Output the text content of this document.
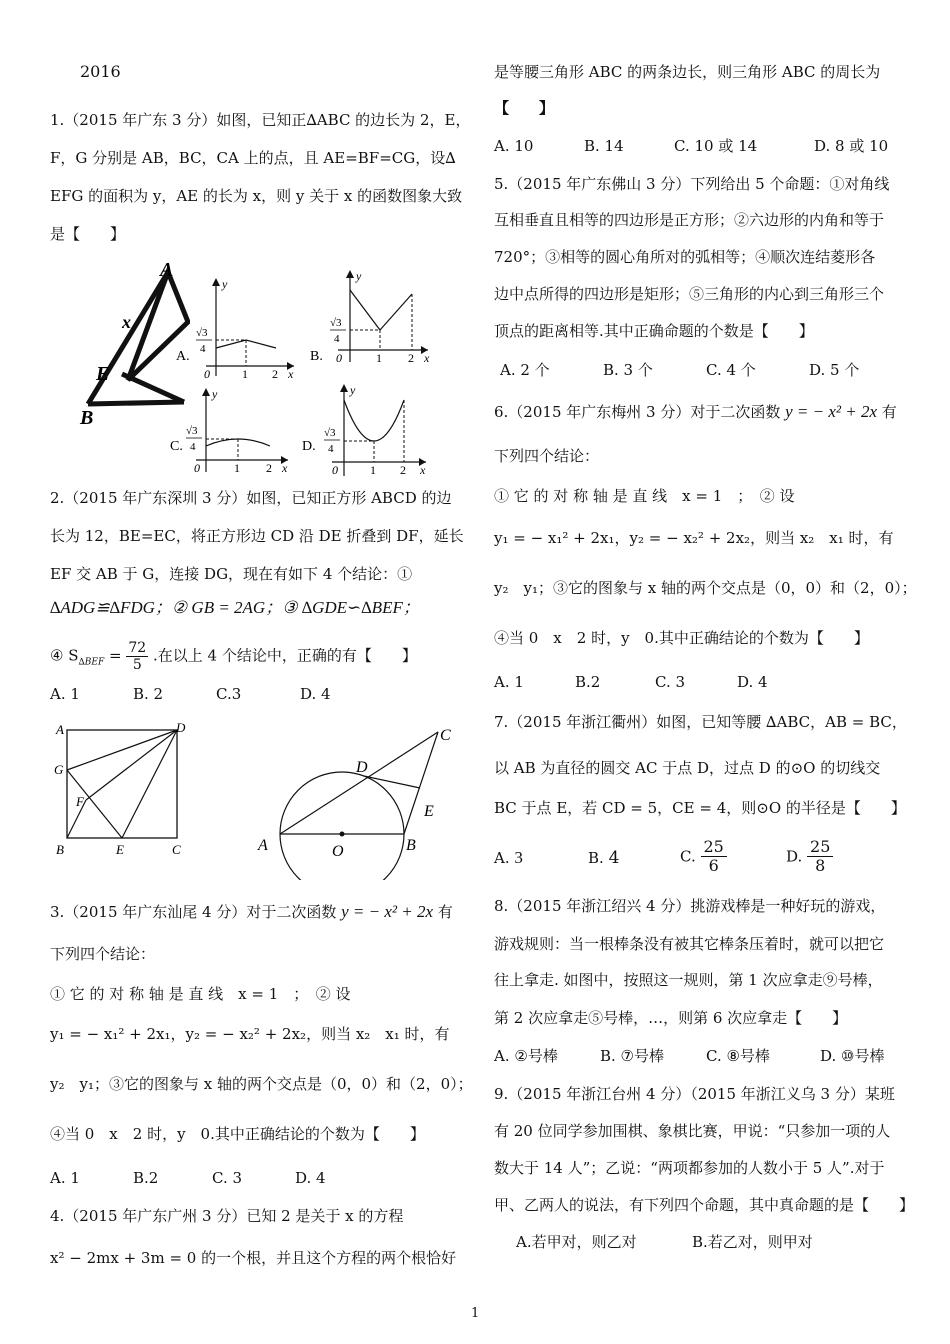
2016
1.（2015 年广东 3 分）如图，已知正∆ABC 的边长为 2，E，
F，G 分别是 AB，BC，CA 上的点，且 AE=BF=CG，设∆
EFG 的面积为 y，AE 的长为 x，则 y 关于 x 的函数图象大致
是【　　】
A
x
E
B
A.
y
√3
4
0	1 2 x
B.
y
√3
4
0	1 2 x
C.
y
√3
4
0	1 2 x
D.
y
√3
4
0	1 2 x
2.（2015 年广东深圳 3 分）如图，已知正方形 ABCD 的边
长为 12，BE=EC，将正方形边 CD 沿 DE 折叠到 DF，延长
EF 交 AB 于 G，连接 DG，现在有如下 4 个结论：①
∆ADG≌∆FDG；② GB = 2AG；③ ∆GDE∽∆BEF；
④ $S_{\Delta BEF} = \frac{72}{5}$ .在以上 4 个结论中，正确的有【　　】
A. 1	B. 2	C.3	D. 4
A	D
G
F
B	E	C
C
D
E
A	O	B
3.（2015 年广东汕尾 4 分）对于二次函数 y = − x² + 2x 有
下列四个结论：
① 它 的 对 称 轴 是 直 线　x = 1　；　② 设
y₁ = − x₁² + 2x₁，y₂ = − x₂² + 2x₂，则当 x₂　x₁ 时，有
y₂　y₁；③它的图象与 x 轴的两个交点是（0，0）和（2，0）；
④当 0　x　2 时，y　0.其中正确结论的个数为【　　】
A. 1	B.2	C. 3	D. 4
4.（2015 年广东广州 3 分）已知 2 是关于 x 的方程
x² − 2mx + 3m = 0 的一个根，并且这个方程的两个根恰好
是等腰三角形 ABC 的两条边长，则三角形 ABC 的周长为
【　　】
A. 10	B. 14	C. 10 或 14	D. 8 或 10
5.（2015 年广东佛山 3 分）下列给出 5 个命题：①对角线
互相垂直且相等的四边形是正方形；②六边形的内角和等于
720°；③相等的圆心角所对的弧相等；④顺次连结菱形各
边中点所得的四边形是矩形；⑤三角形的内心到三角形三个
顶点的距离相等.其中正确命题的个数是【　　】
A. 2 个	B. 3 个	C. 4 个	D. 5 个
6.（2015 年广东梅州 3 分）对于二次函数 y = − x² + 2x 有
下列四个结论：
① 它 的 对 称 轴 是 直 线　x = 1　；　② 设
y₁ = − x₁² + 2x₁，y₂ = − x₂² + 2x₂，则当 x₂　x₁ 时，有
y₂　y₁；③它的图象与 x 轴的两个交点是（0，0）和（2，0）；
④当 0　x　2 时，y　0.其中正确结论的个数为【　　】
A. 1	B.2	C. 3	D. 4
7.（2015 年浙江衢州）如图，已知等腰 ∆ABC，AB = BC，
以 AB 为直径的圆交 AC 于点 D，过点 D 的⊙O 的切线交
BC 于点 E，若 CD = 5，CE = 4，则⊙O 的半径是【　　】
A. 3	B. 4	C. $\frac{25}{6}$	D. $\frac{25}{8}$
8.（2015 年浙江绍兴 4 分）挑游戏棒是一种好玩的游戏，
游戏规则：当一根棒条没有被其它棒条压着时，就可以把它
往上拿走. 如图中，按照这一规则，第 1 次应拿走⑨号棒，
第 2 次应拿走⑤号棒，…，则第 6 次应拿走【　　】
A. ②号棒	B. ⑦号棒	C. ⑧号棒	D. ⑩号棒
9.（2015 年浙江台州 4 分）（2015 年浙江义乌 3 分）某班
有 20 位同学参加围棋、象棋比赛，甲说：“只参加一项的人
数大于 14 人”；乙说：“两项都参加的人数小于 5 人”.对于
甲、乙两人的说法，有下列四个命题，其中真命题的是【　　】
A.若甲对，则乙对	B.若乙对，则甲对
1
